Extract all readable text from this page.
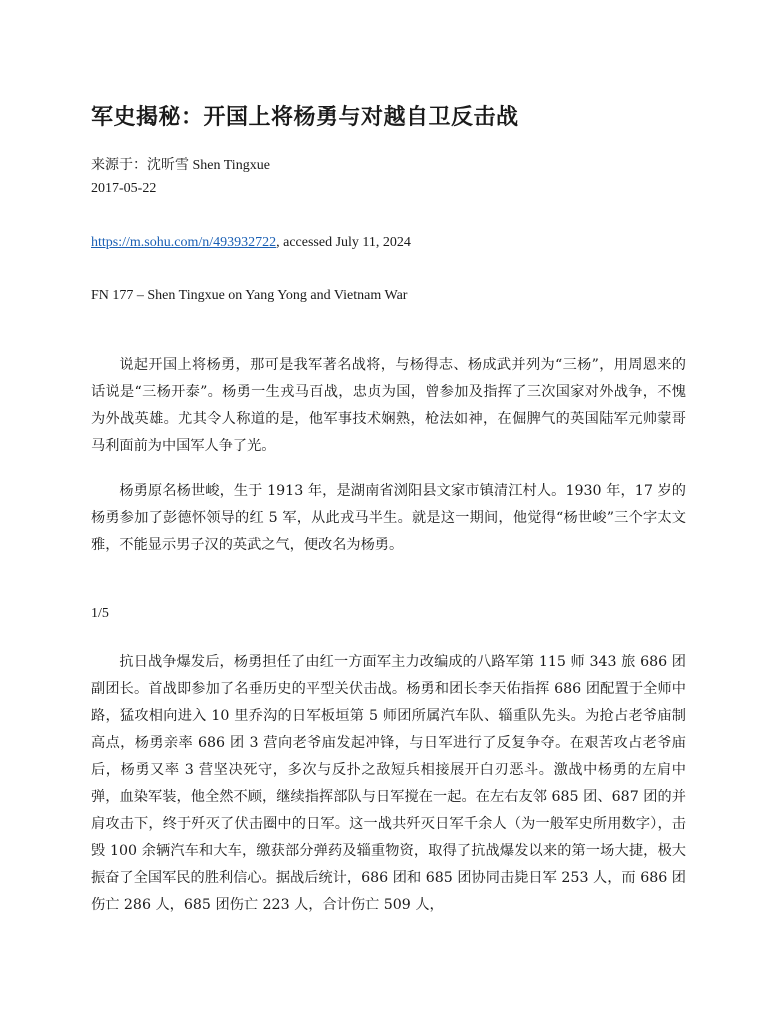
军史揭秘：开国上将杨勇与对越自卫反击战
来源于：沈昕雪 Shen Tingxue
2017-05-22
https://m.sohu.com/n/493932722, accessed July 11, 2024
FN 177 – Shen Tingxue on Yang Yong and Vietnam War

说起开国上将杨勇，那可是我军著名战将，与杨得志、杨成武并列为“三杨”，用周恩来的话说是“三杨开泰”。杨勇一生戎马百战，忠贞为国，曾参加及指挥了三次国家对外战争，不愧为外战英雄。尤其令人称道的是，他军事技术娴熟，枪法如神，在倔脾气的英国陆军元帅蒙哥马利面前为中国军人争了光。

杨勇原名杨世峻，生于 1913 年，是湖南省浏阳县文家市镇清江村人。1930 年，17 岁的杨勇参加了彭德怀领导的红 5 军，从此戎马半生。就是这一期间，他觉得“杨世峻”三个字太文雅，不能显示男子汉的英武之气，便改名为杨勇。

1/5

抗日战争爆发后，杨勇担任了由红一方面军主力改编成的八路军第 115 师 343 旅 686 团副团长。首战即参加了名垂历史的平型关伏击战。杨勇和团长李天佑指挥 686 团配置于全师中路，猛攻相向进入 10 里乔沟的日军板垣第 5 师团所属汽车队、辎重队先头。为抢占老爷庙制高点，杨勇亲率 686 团 3 营向老爷庙发起冲锋，与日军进行了反复争夺。在艰苦攻占老爷庙后，杨勇又率 3 营坚决死守，多次与反扑之敌短兵相接展开白刃恶斗。激战中杨勇的左肩中弹，血染军装，他全然不顾，继续指挥部队与日军搅在一起。在左右友邻 685 团、687 团的并肩攻击下，终于歼灭了伏击圈中的日军。这一战共歼灭日军千余人（为一般军史所用数字），击毁 100 余辆汽车和大车，缴获部分弹药及辎重物资，取得了抗战爆发以来的第一场大捷，极大振奋了全国军民的胜利信心。据战后统计，686 团和 685 团协同击毙日军 253 人，而 686 团伤亡 286 人，685 团伤亡 223 人，合计伤亡 509 人，
